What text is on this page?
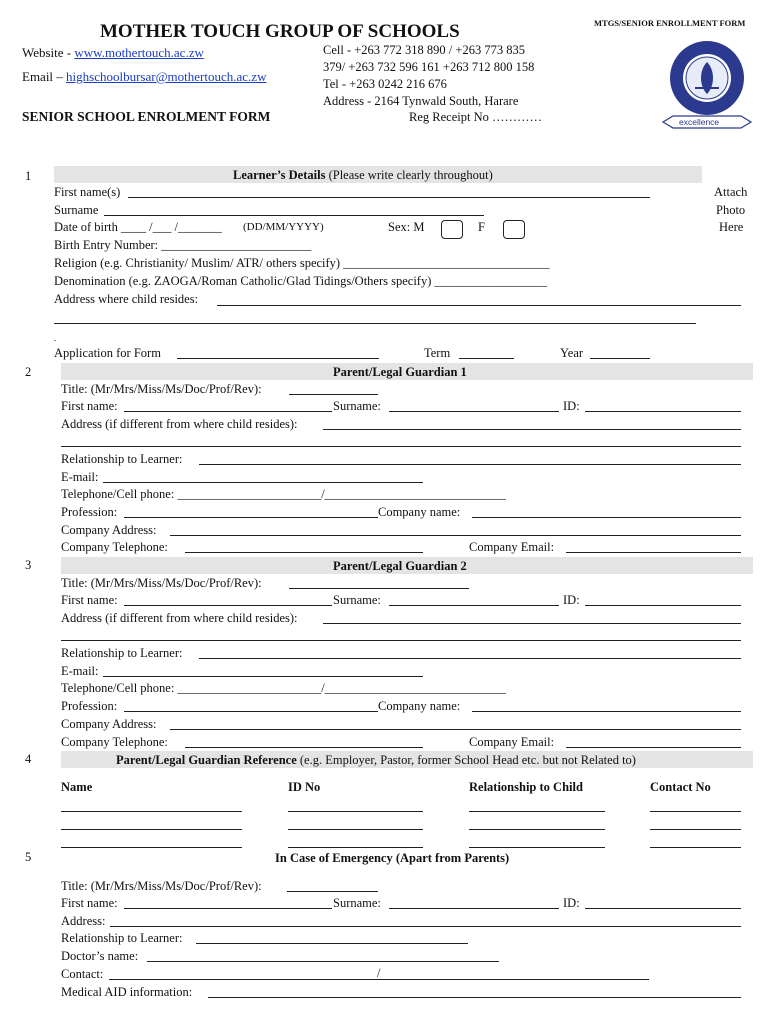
MOTHER TOUCH GROUP OF SCHOOLS	MTGS/SENIOR ENROLLMENT FORM
Website - www.mothertouch.ac.zw
Email – highschoolbursar@mothertouch.ac.zw
Cell - +263 772 318 890 / +263 773 835
379/ +263 732 596 161 +263 712 800 158
Tel - +263 0242 216 676
Address - 2164 Tynwald South, Harare
Reg Receipt No …………
SENIOR SCHOOL ENROLMENT FORM	excellence
1	Learner’s Details (Please write clearly throughout)
Attach
Photo
Here
First name(s)
Surname
Date of birth ____ /___ /_______ (DD/MM/YYYY)	Sex: M	F
Birth Entry Number: ________________________
Religion (e.g. Christianity/ Muslim/ ATR/ others specify) _________________________________
Denomination (e.g. ZAOGA/Roman Catholic/Glad Tidings/Others specify) __________________
Address where child resides:
.
Application for Form	Term	Year
2	Parent/Legal Guardian 1
Title: (Mr/Mrs/Miss/Ms/Doc/Prof/Rev):
First name:	Surname:	ID:
Address (if different from where child resides):
Relationship to Learner:
E-mail:
Telephone/Cell phone: _______________________/_____________________________
Profession:	Company name:
Company Address:
Company Telephone:	Company Email:
3	Parent/Legal Guardian 2
Title: (Mr/Mrs/Miss/Ms/Doc/Prof/Rev):
First name:	Surname:	ID:
Address (if different from where child resides):
Relationship to Learner:
E-mail:
Telephone/Cell phone: _______________________/_____________________________
Profession:	Company name:
Company Address:
Company Telephone:	Company Email:
4	Parent/Legal Guardian Reference (e.g. Employer, Pastor, former School Head etc. but not Related to)
Name	ID No	Relationship to Child	Contact No
5	In Case of Emergency (Apart from Parents)
Title: (Mr/Mrs/Miss/Ms/Doc/Prof/Rev):
First name:	Surname:	ID:
Address:
Relationship to Learner:
Doctor’s name:
Contact:	/
Medical AID information:
